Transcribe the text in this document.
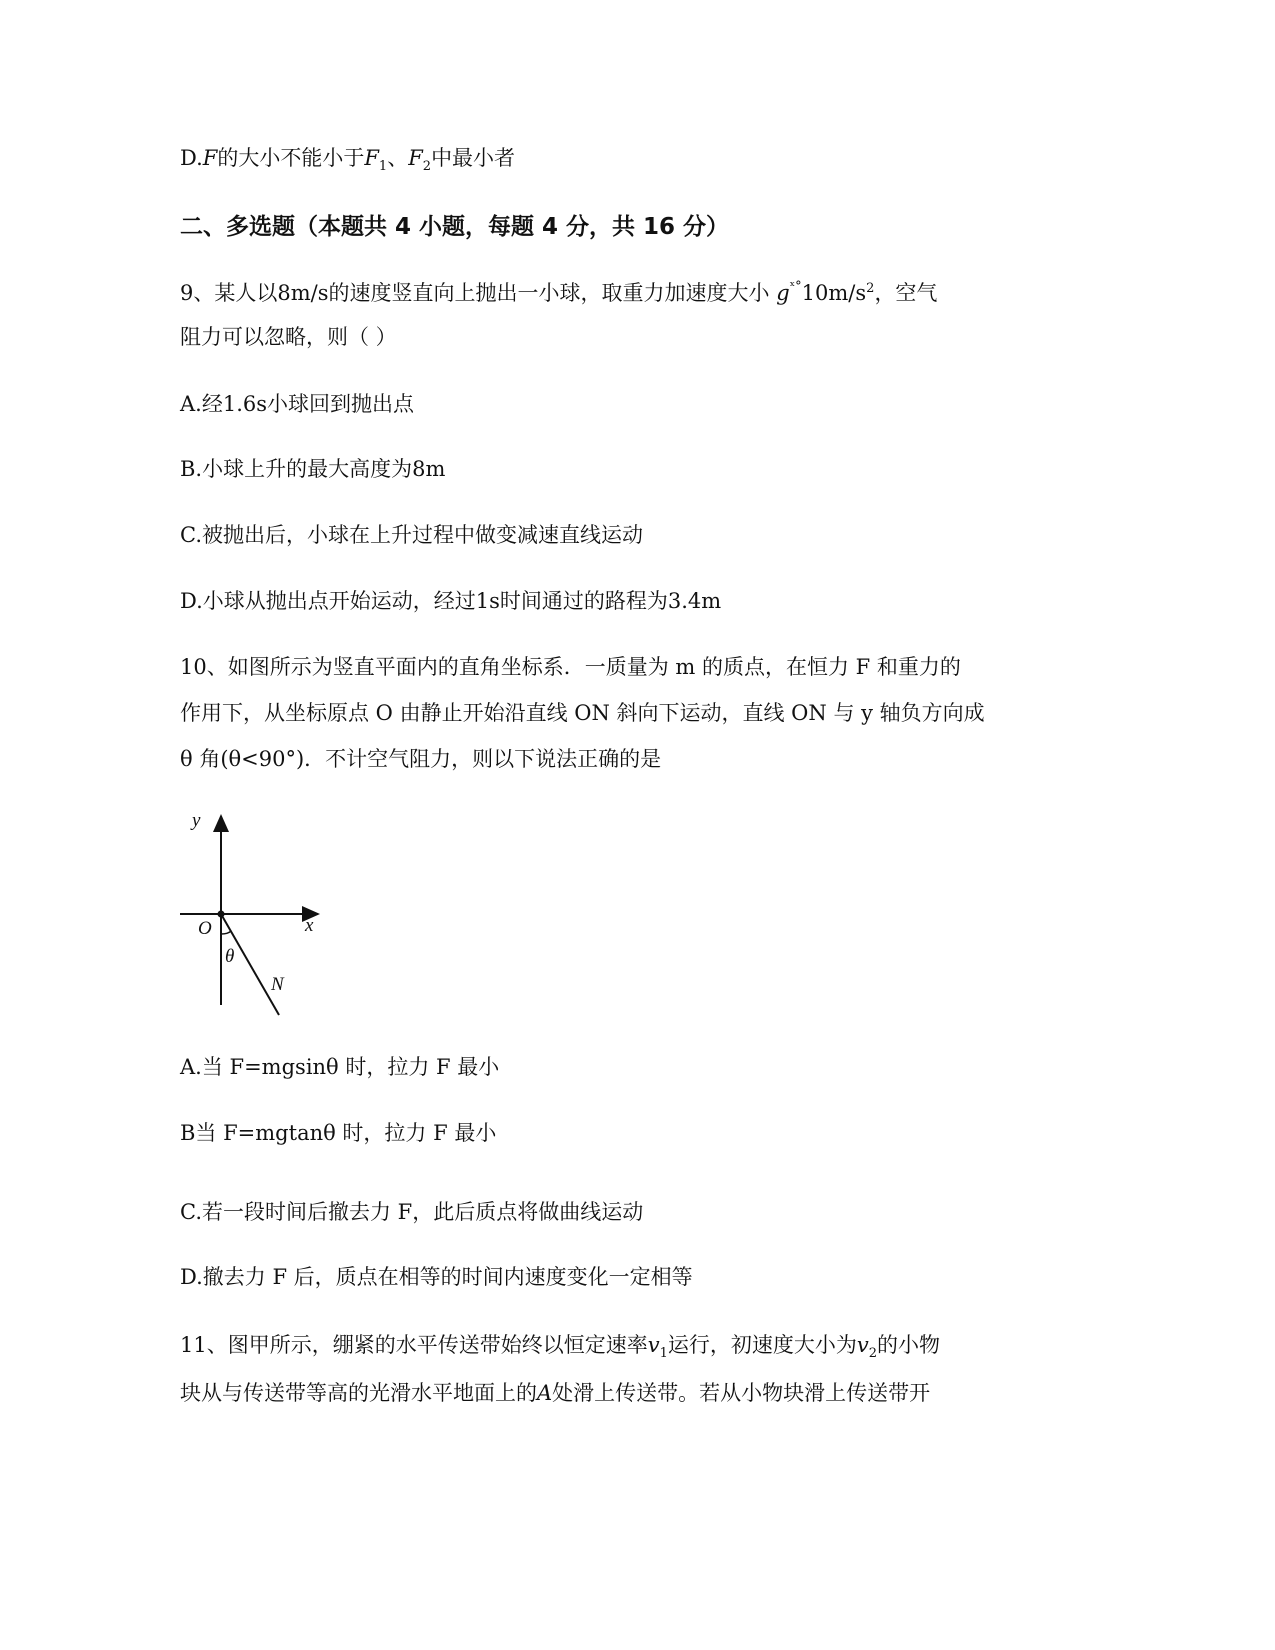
D.F的大小不能小于$F_1$、$F_2$中最小者
二、多选题（本题共 4 小题，每题 4 分，共 16 分）
9、某人以8m/s的速度竖直向上抛出一小球，取重力加速度大小 $g^{ˣ^\circ}10m/s^2$，空气
阻力可以忽略，则（ ）
A.经1.6s小球回到抛出点
B.小球上升的最大高度为8m
C.被抛出后，小球在上升过程中做变减速直线运动
D.小球从抛出点开始运动，经过1s时间通过的路程为3.4m
10、如图所示为竖直平面内的直角坐标系．一质量为 m 的质点，在恒力 F 和重力的
作用下，从坐标原点 O 由静止开始沿直线 ON 斜向下运动，直线 ON 与 y 轴负方向成
θ 角(θ<90°)．不计空气阻力，则以下说法正确的是
y
x
O
θ
N
A.当 F=mgsinθ 时，拉力 F 最小
B当 F=mgtanθ 时，拉力 F 最小
C.若一段时间后撤去力 F，此后质点将做曲线运动
D.撤去力 F 后，质点在相等的时间内速度变化一定相等
11、图甲所示，绷紧的水平传送带始终以恒定速率$v_1$运行，初速度大小为$v_2$的小物
块从与传送带等高的光滑水平地面上的A处滑上传送带。若从小物块滑上传送带开
